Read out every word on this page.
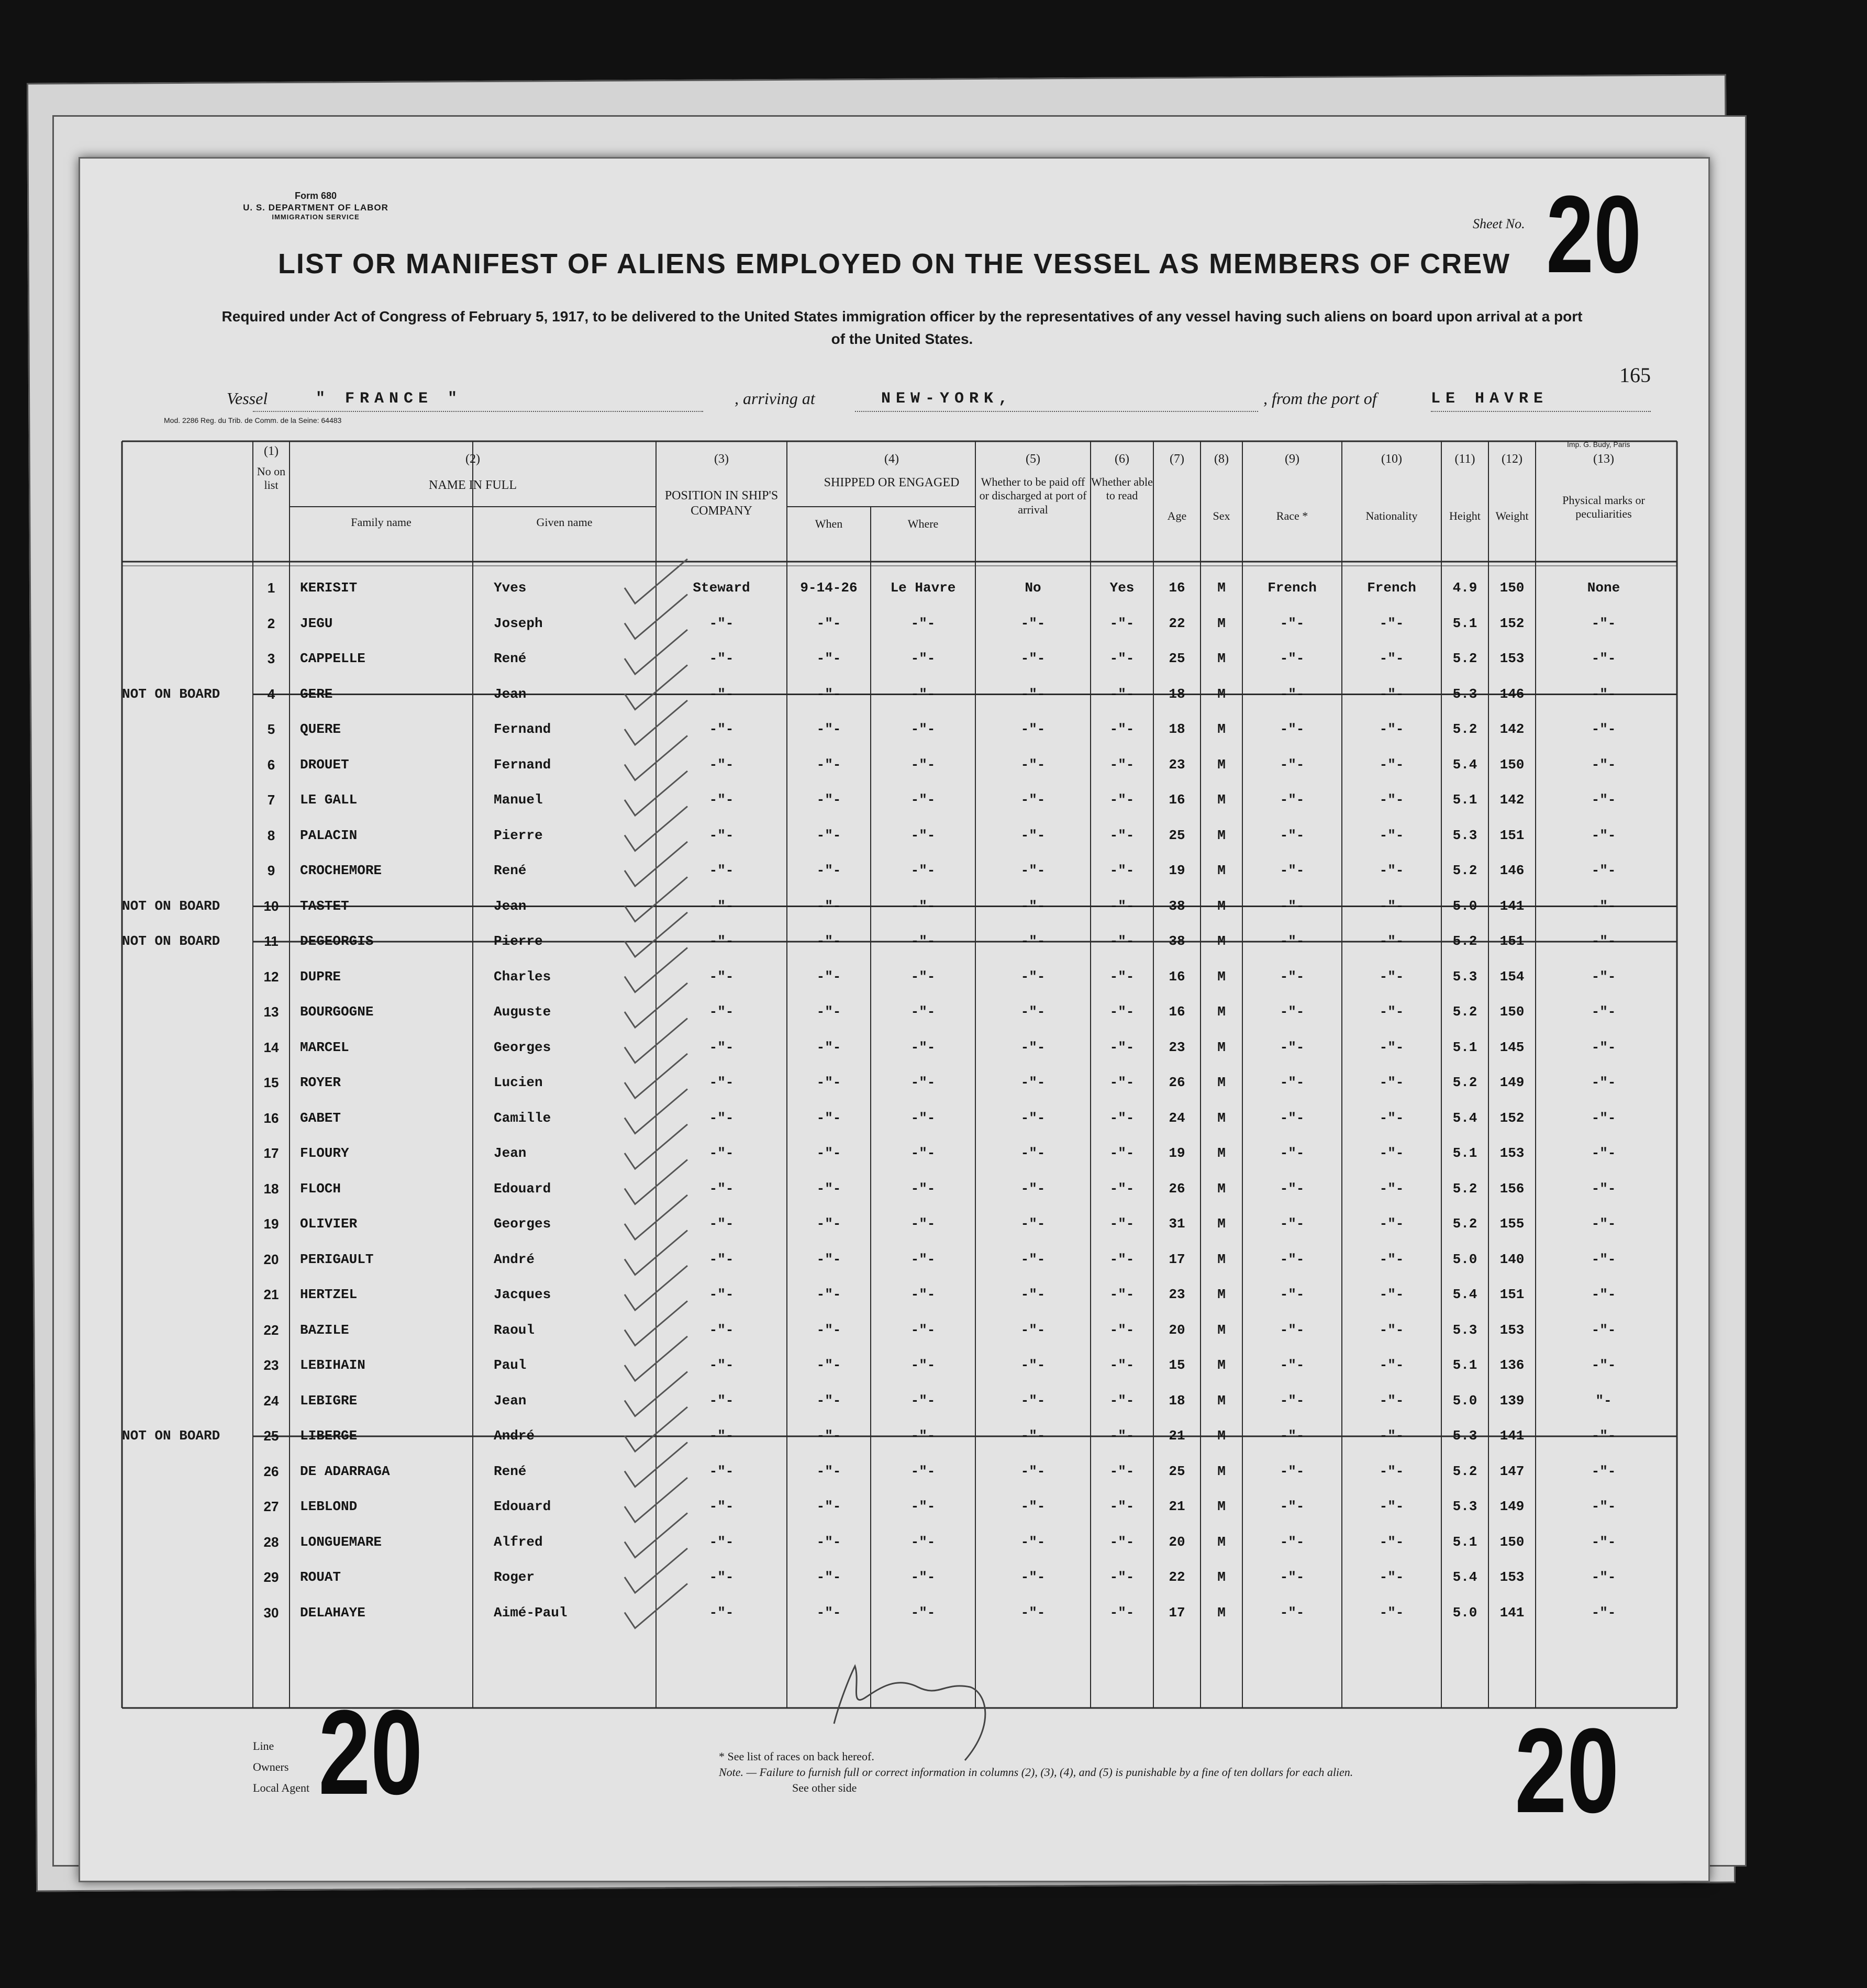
Form 680
U. S. DEPARTMENT OF LABOR
IMMIGRATION SERVICE	Sheet No. 20
LIST OR MANIFEST OF ALIENS EMPLOYED ON THE VESSEL AS MEMBERS OF CREW
Required under Act of Congress of February 5, 1917, to be delivered to the United States immigration officer by the representatives of any vessel having such aliens on board upon arrival at a port of the United States.
165
Vessel	" FRANCE "	, arriving at	NEW-YORK,	, from the port of	LE HAVRE
Mod. 2286 Reg. du Trib. de Comm. de la Seine: 64483
Imp. G. Budy, Paris
(1)
No on list
(2)
NAME IN FULL
Family name	Given name
(3)
POSITION IN SHIP'S COMPANY
(4)
SHIPPED OR ENGAGED
When	Where
(5)
Whether to be paid off or discharged at port of arrival
(6)
Whether able to read
(7)
Age
(8)
Sex
(9)
Race *
(10)
Nationality
(11)
Height
(12)
Weight
(13)
Physical marks or peculiarities
1	KERISIT	Yves	Steward	9-14-26	Le Havre	No	Yes	16	M	French	French	4.9	150	None
2	JEGU	Joseph	-"-	-"-	-"-	-"-	-"-	22	M	-"-	-"-	5.1	152	-"-
3	CAPPELLE	René	-"-	-"-	-"-	-"-	-"-	25	M	-"-	-"-	5.2	153	-"-
4	GERE	Jean	-"-	-"-	-"-	-"-	-"-	18	M	-"-	-"-	5.3	146	-"-
NOT ON BOARD
5	QUERE	Fernand	-"-	-"-	-"-	-"-	-"-	18	M	-"-	-"-	5.2	142	-"-
6	DROUET	Fernand	-"-	-"-	-"-	-"-	-"-	23	M	-"-	-"-	5.4	150	-"-
7	LE GALL	Manuel	-"-	-"-	-"-	-"-	-"-	16	M	-"-	-"-	5.1	142	-"-
8	PALACIN	Pierre	-"-	-"-	-"-	-"-	-"-	25	M	-"-	-"-	5.3	151	-"-
9	CROCHEMORE	René	-"-	-"-	-"-	-"-	-"-	19	M	-"-	-"-	5.2	146	-"-
10	TASTET	Jean	-"-	-"-	-"-	-"-	-"-	38	M	-"-	-"-	5.0	141	-"-
NOT ON BOARD
11	DEGEORGIS	Pierre	-"-	-"-	-"-	-"-	-"-	38	M	-"-	-"-	5.2	151	-"-
NOT ON BOARD
12	DUPRE	Charles	-"-	-"-	-"-	-"-	-"-	16	M	-"-	-"-	5.3	154	-"-
13	BOURGOGNE	Auguste	-"-	-"-	-"-	-"-	-"-	16	M	-"-	-"-	5.2	150	-"-
14	MARCEL	Georges	-"-	-"-	-"-	-"-	-"-	23	M	-"-	-"-	5.1	145	-"-
15	ROYER	Lucien	-"-	-"-	-"-	-"-	-"-	26	M	-"-	-"-	5.2	149	-"-
16	GABET	Camille	-"-	-"-	-"-	-"-	-"-	24	M	-"-	-"-	5.4	152	-"-
17	FLOURY	Jean	-"-	-"-	-"-	-"-	-"-	19	M	-"-	-"-	5.1	153	-"-
18	FLOCH	Edouard	-"-	-"-	-"-	-"-	-"-	26	M	-"-	-"-	5.2	156	-"-
19	OLIVIER	Georges	-"-	-"-	-"-	-"-	-"-	31	M	-"-	-"-	5.2	155	-"-
20	PERIGAULT	André	-"-	-"-	-"-	-"-	-"-	17	M	-"-	-"-	5.0	140	-"-
21	HERTZEL	Jacques	-"-	-"-	-"-	-"-	-"-	23	M	-"-	-"-	5.4	151	-"-
22	BAZILE	Raoul	-"-	-"-	-"-	-"-	-"-	20	M	-"-	-"-	5.3	153	-"-
23	LEBIHAIN	Paul	-"-	-"-	-"-	-"-	-"-	15	M	-"-	-"-	5.1	136	-"-
24	LEBIGRE	Jean	-"-	-"-	-"-	-"-	-"-	18	M	-"-	-"-	5.0	139	"-
25	LIBERGE	André	-"-	-"-	-"-	-"-	-"-	21	M	-"-	-"-	5.3	141	-"-
NOT ON BOARD
26	DE ADARRAGA	René	-"-	-"-	-"-	-"-	-"-	25	M	-"-	-"-	5.2	147	-"-
27	LEBLOND	Edouard	-"-	-"-	-"-	-"-	-"-	21	M	-"-	-"-	5.3	149	-"-
28	LONGUEMARE	Alfred	-"-	-"-	-"-	-"-	-"-	20	M	-"-	-"-	5.1	150	-"-
29	ROUAT	Roger	-"-	-"-	-"-	-"-	-"-	22	M	-"-	-"-	5.4	153	-"-
30	DELAHAYE	Aimé-Paul	-"-	-"-	-"-	-"-	-"-	17	M	-"-	-"-	5.0	141	-"-
Line
Owners
Local Agent 20	20
* See list of races on back hereof.
Note. — Failure to furnish full or correct information in columns (2), (3), (4), and (5) is punishable by a fine of ten dollars for each alien.
See other side
